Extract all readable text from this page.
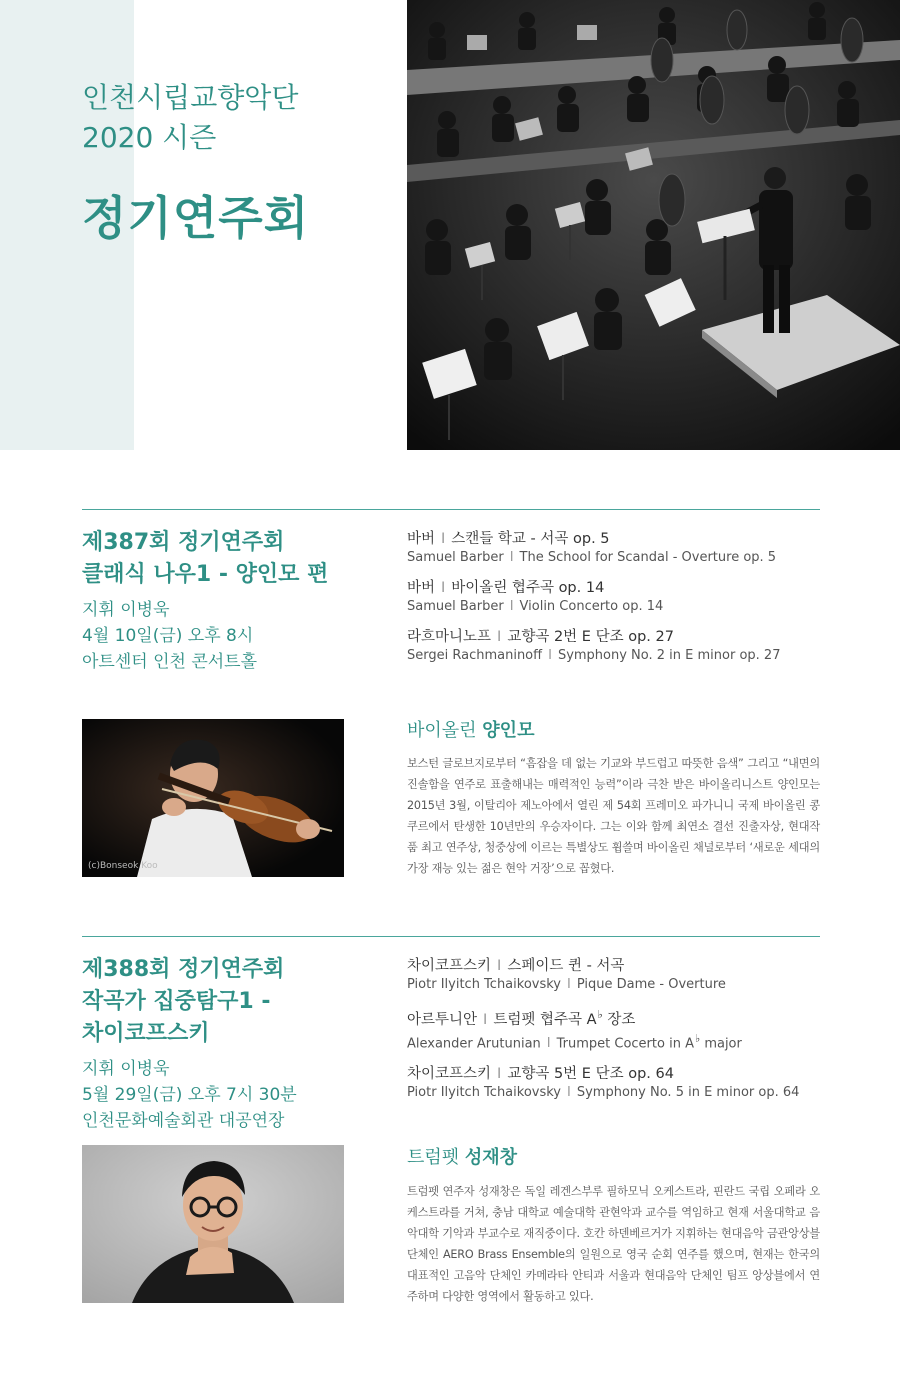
인천시립교향악단
2020 시즌
정기연주회
제387회 정기연주회
클래식 나우1 - 양인모 편
지휘 이병욱
4월 10일(금) 오후 8시
아트센터 인천 콘서트홀
바버 I 스캔들 학교 - 서곡 op. 5
Samuel Barber I The School for Scandal - Overture op. 5
바버 I 바이올린 협주곡 op. 14
Samuel Barber I Violin Concerto op. 14
라흐마니노프 I 교향곡 2번 E 단조 op. 27
Sergei Rachmaninoff I Symphony No. 2 in E minor op. 27
(c)Bonseok Koo
바이올린 양인모

보스턴 글로브지로부터 “흠잡을 데 없는 기교와 부드럽고 따뜻한 음색” 그리고 “내면의 진솔함을 연주로 표출해내는 매력적인 능력”이라 극찬 받은 바이올리니스트 양인모는 2015년 3월, 이탈리아 제노아에서 열린 제 54회 프레미오 파가니니 국제 바이올린 콩쿠르에서 탄생한 10년만의 우승자이다. 그는 이와 함께 최연소 결선 진출자상, 현대작품 최고 연주상, 청중상에 이르는 특별상도 휩쓸며 바이올린 채널로부터 ‘새로운 세대의 가장 재능 있는 젊은 현악 거장’으로 꼽혔다.

제388회 정기연주회
작곡가 집중탐구1 -
차이코프스키
지휘 이병욱
5월 29일(금) 오후 7시 30분
인천문화예술회관 대공연장
차이코프스키 I 스페이드 퀸 - 서곡
Piotr Ilyitch Tchaikovsky I Pique Dame - Overture
아르투니안 I 트럼펫 협주곡 A♭ 장조
Alexander Arutunian I Trumpet Cocerto in A♭ major
차이코프스키 I 교향곡 5번 E 단조 op. 64
Piotr Ilyitch Tchaikovsky I Symphony No. 5 in E minor op. 64
트럼펫 성재창

트럼펫 연주자 성재창은 독일 레겐스부루 필하모닉 오케스트라, 핀란드 국립 오페라 오케스트라를 거쳐, 충남 대학교 예술대학 관현악과 교수를 역임하고 현재 서울대학교 음악대학 기악과 부교수로 재직중이다. 호칸 하덴베르거가 지휘하는 현대음악 금관앙상블 단체인 AERO Brass Ensemble의 일원으로 영국 순회 연주를 했으며, 현재는 한국의 대표적인 고음악 단체인 카메라타 안티과 서울과 현대음악 단체인 팀프 앙상블에서 연주하며 다양한 영역에서 활동하고 있다.
